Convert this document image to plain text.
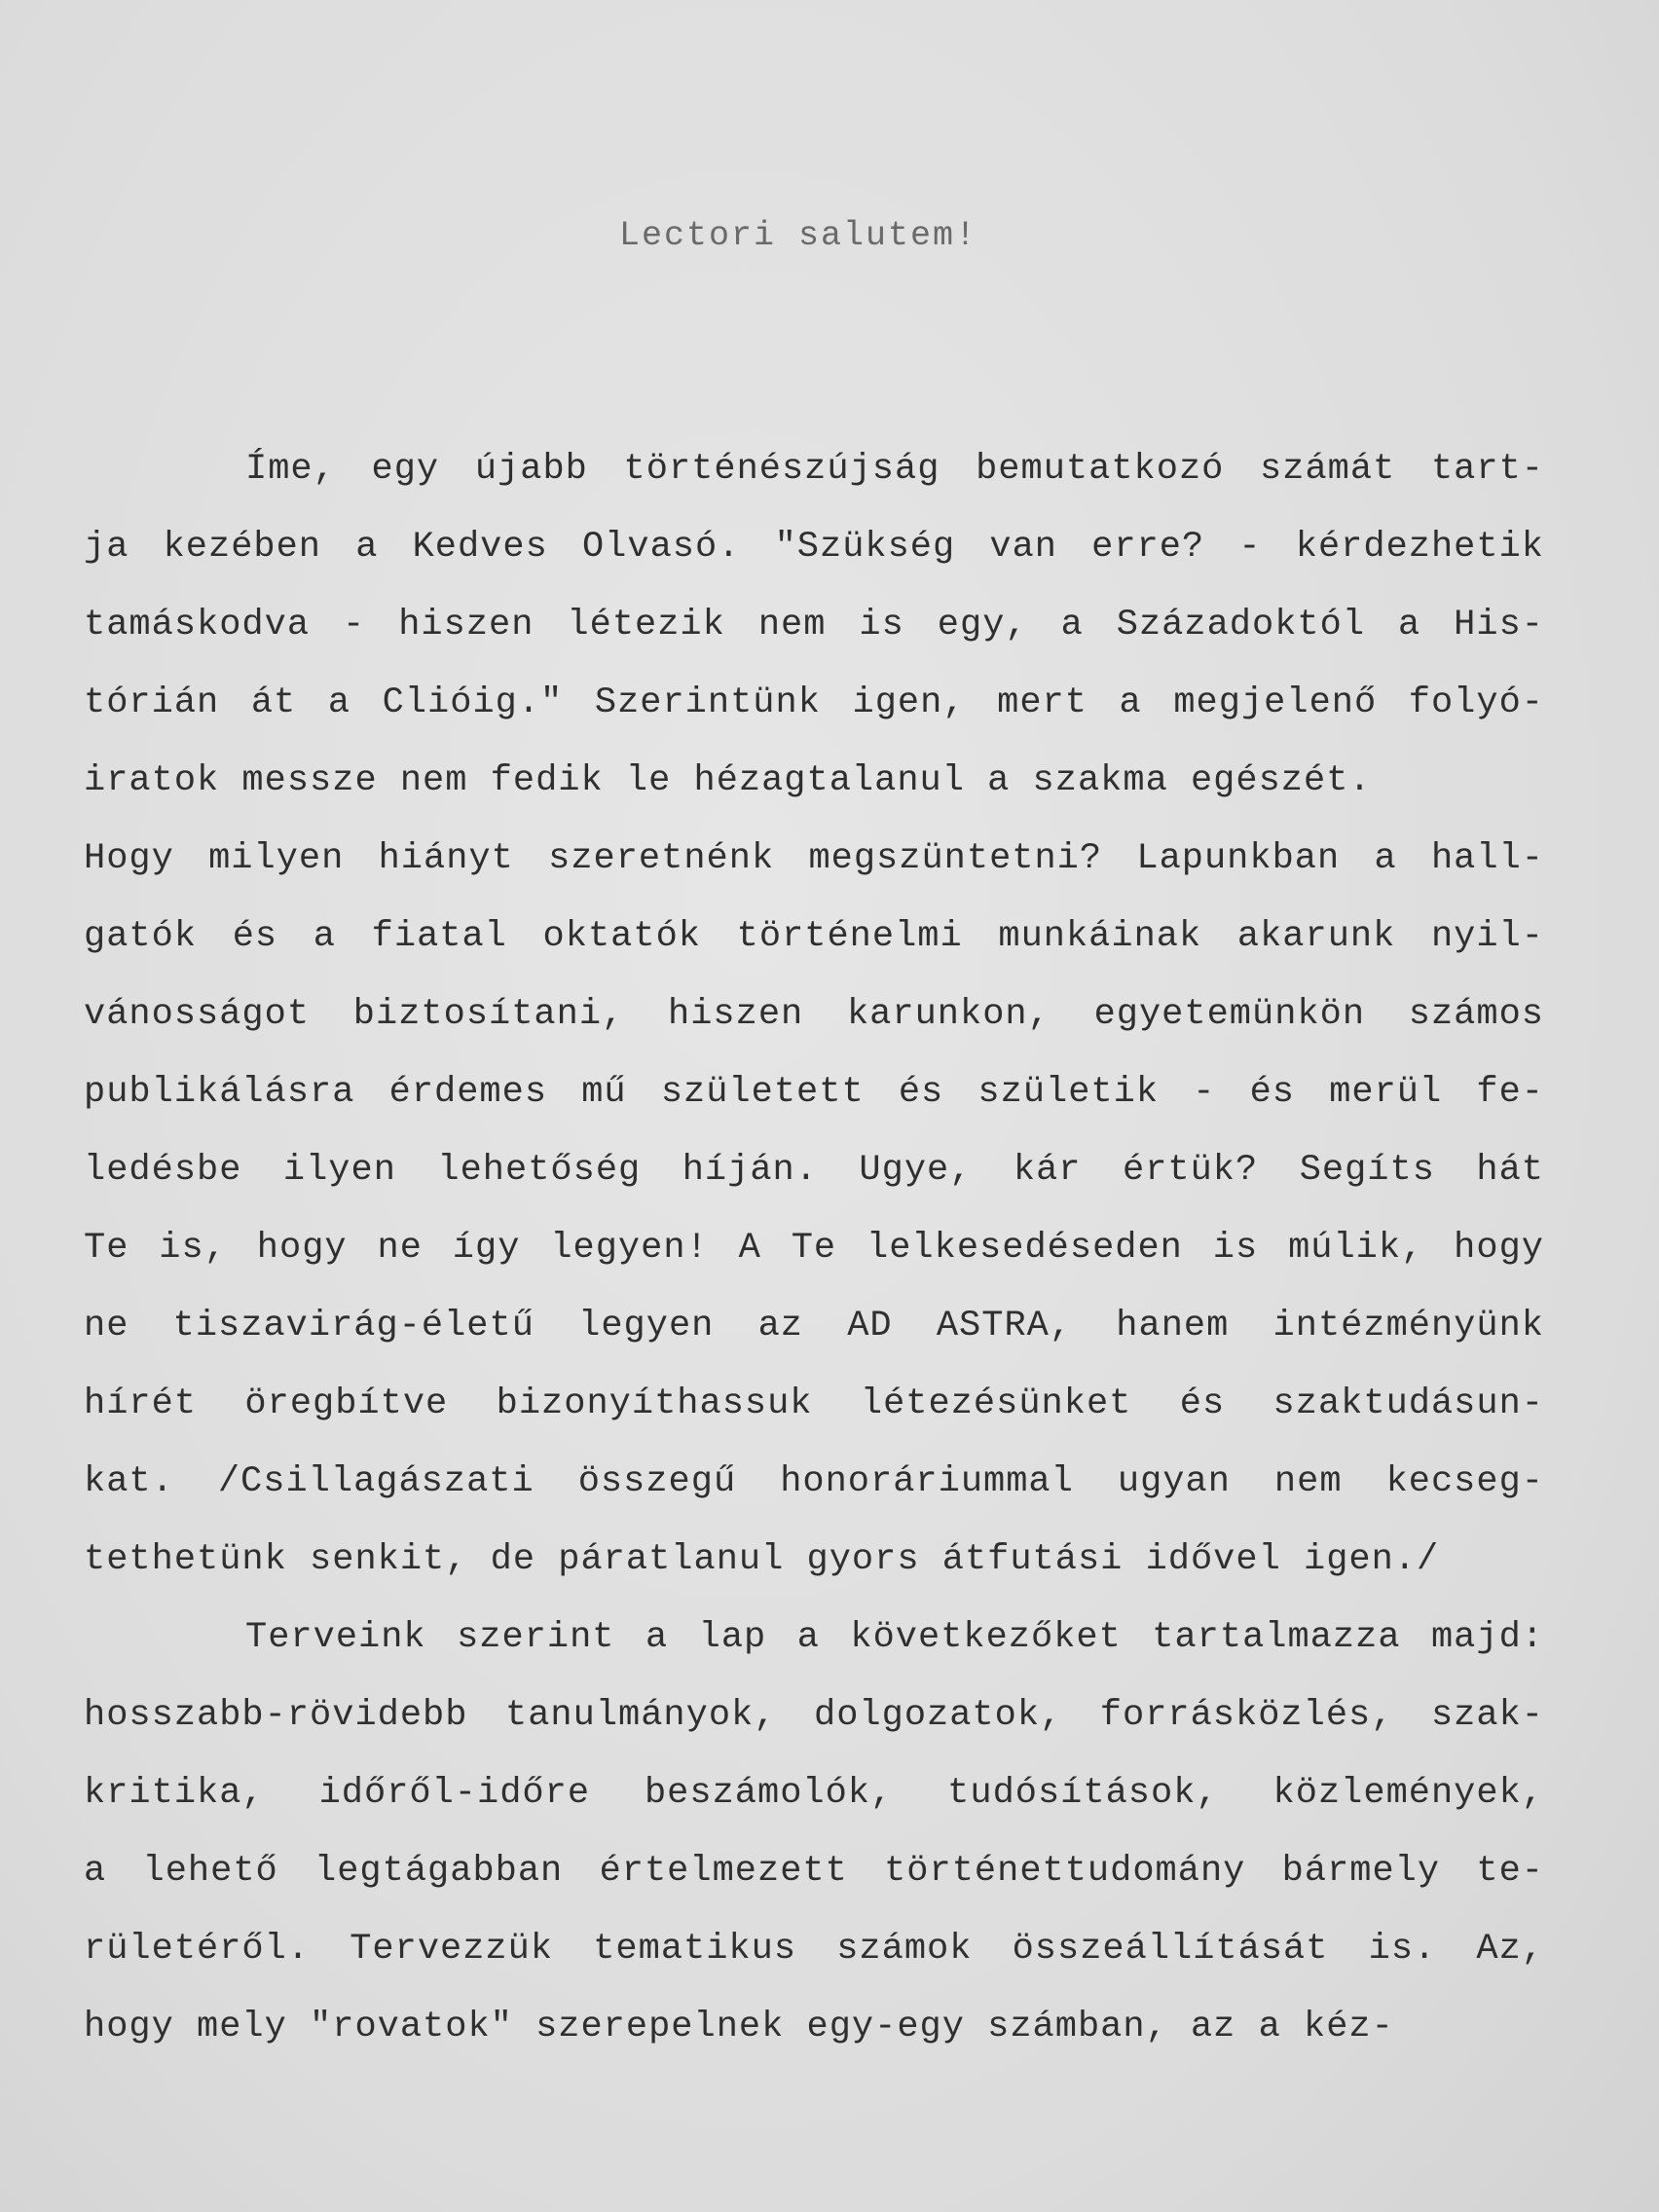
Lectori salutem!
Íme, egy újabb történészújság bemutatkozó számát tart-
ja kezében a Kedves Olvasó. "Szükség van erre? - kérdezhetik
tamáskodva - hiszen létezik nem is egy, a Századoktól a His-
tórián át a Clióig." Szerintünk igen, mert a megjelenő folyó-
iratok messze nem fedik le hézagtalanul a szakma egészét.
Hogy milyen hiányt szeretnénk megszüntetni? Lapunkban a hall-
gatók és a fiatal oktatók történelmi munkáinak akarunk nyil-
vánosságot biztosítani, hiszen karunkon, egyetemünkön számos
publikálásra érdemes mű született és születik - és merül fe-
ledésbe ilyen lehetőség híján. Ugye, kár értük? Segíts hát
Te is, hogy ne így legyen! A Te lelkesedéseden is múlik, hogy
ne tiszavirág-életű legyen az AD ASTRA, hanem intézményünk
hírét öregbítve bizonyíthassuk létezésünket és szaktudásun-
kat. /Csillagászati összegű honoráriummal ugyan nem kecseg-
tethetünk senkit, de páratlanul gyors átfutási idővel igen./
Terveink szerint a lap a következőket tartalmazza majd:
hosszabb-rövidebb tanulmányok, dolgozatok, forrásközlés, szak-
kritika, időről-időre beszámolók, tudósítások, közlemények,
a lehető legtágabban értelmezett történettudomány bármely te-
rületéről. Tervezzük tematikus számok összeállítását is. Az,
hogy mely "rovatok" szerepelnek egy-egy számban, az a kéz-
